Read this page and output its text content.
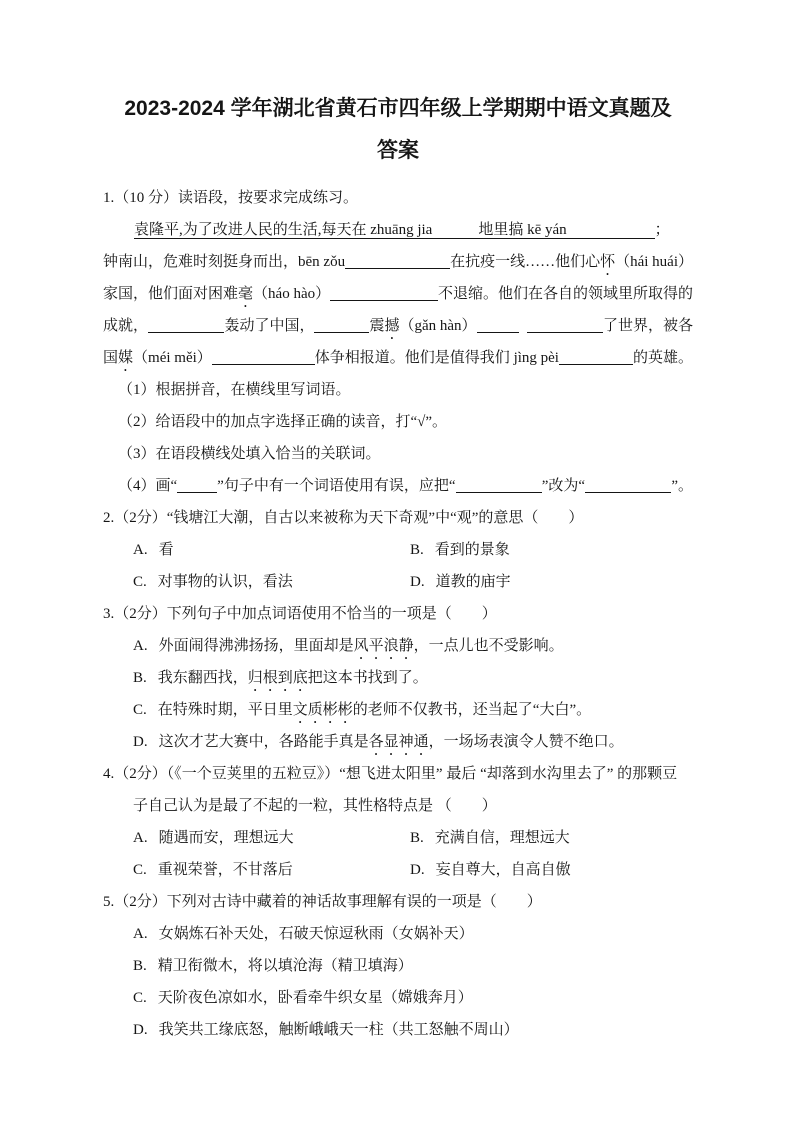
2023-2024 学年湖北省黄石市四年级上学期期中语文真题及
答案
1.（10 分）读语段，按要求完成练习。
袁隆平,为了改进人民的生活,每天在 zhuāng jia	地里搞 kē yán	；
钟南山，危难时刻挺身而出， bēn zǒu	在抗疫一线……他们心 怀 （hái huái）
家国，他们面对困难 毫 （háo hào）	不退缩。他们在各自的领域里所取得的
成就，	轰动了中国，	震 撼 （gǎn hàn）	了世界，被各
国 媒 （méi měi）	体争相报道。他们是值得我们 jìng pèi	的英雄。
（1）根据拼音，在横线里写词语。
（2）给语段中的加点字选择正确的读音，打“√”。
（3）在语段横线处填入恰当的关联词。
（4）画“	”句子中有一个词语使用有误，应把“	”改为“	”。
2.（2分）“钱塘江大潮，自古以来被称为天下奇观”中“观”的意思（　　）
A. 看	B. 看到的景象
C. 对事物的认识，看法	D. 道教的庙宇
3.（2分）下列句子中加点词语使用不恰当的一项是（　　）
A. 外面闹得沸沸扬扬，里面却是风平浪静，一点儿也不受影响。
B. 我东翻西找，归根到底把这本书找到了。
C. 在特殊时期，平日里文质彬彬的老师不仅教书，还当起了“大白”。
D. 这次才艺大赛中，各路能手真是各显神通，一场场表演令人赞不绝口。
4.（2分）（《一个豆荚里的五粒豆》）“想飞进太阳里” 最后 “却落到水沟里去了” 的那颗豆
子自己认为是最了不起的一粒，其性格特点是 （　　）
A. 随遇而安，理想远大	B. 充满自信，理想远大
C. 重视荣誉，不甘落后	D. 妄自尊大，自高自傲
5.（2分）下列对古诗中藏着的神话故事理解有误的一项是（　　）
A. 女娲炼石补天处，石破天惊逗秋雨（女娲补天）
B. 精卫衔微木，将以填沧海（精卫填海）
C. 天阶夜色凉如水，卧看牵牛织女星（嫦娥奔月）
D. 我笑共工缘底怒，触断峨峨天一柱（共工怒触不周山）
